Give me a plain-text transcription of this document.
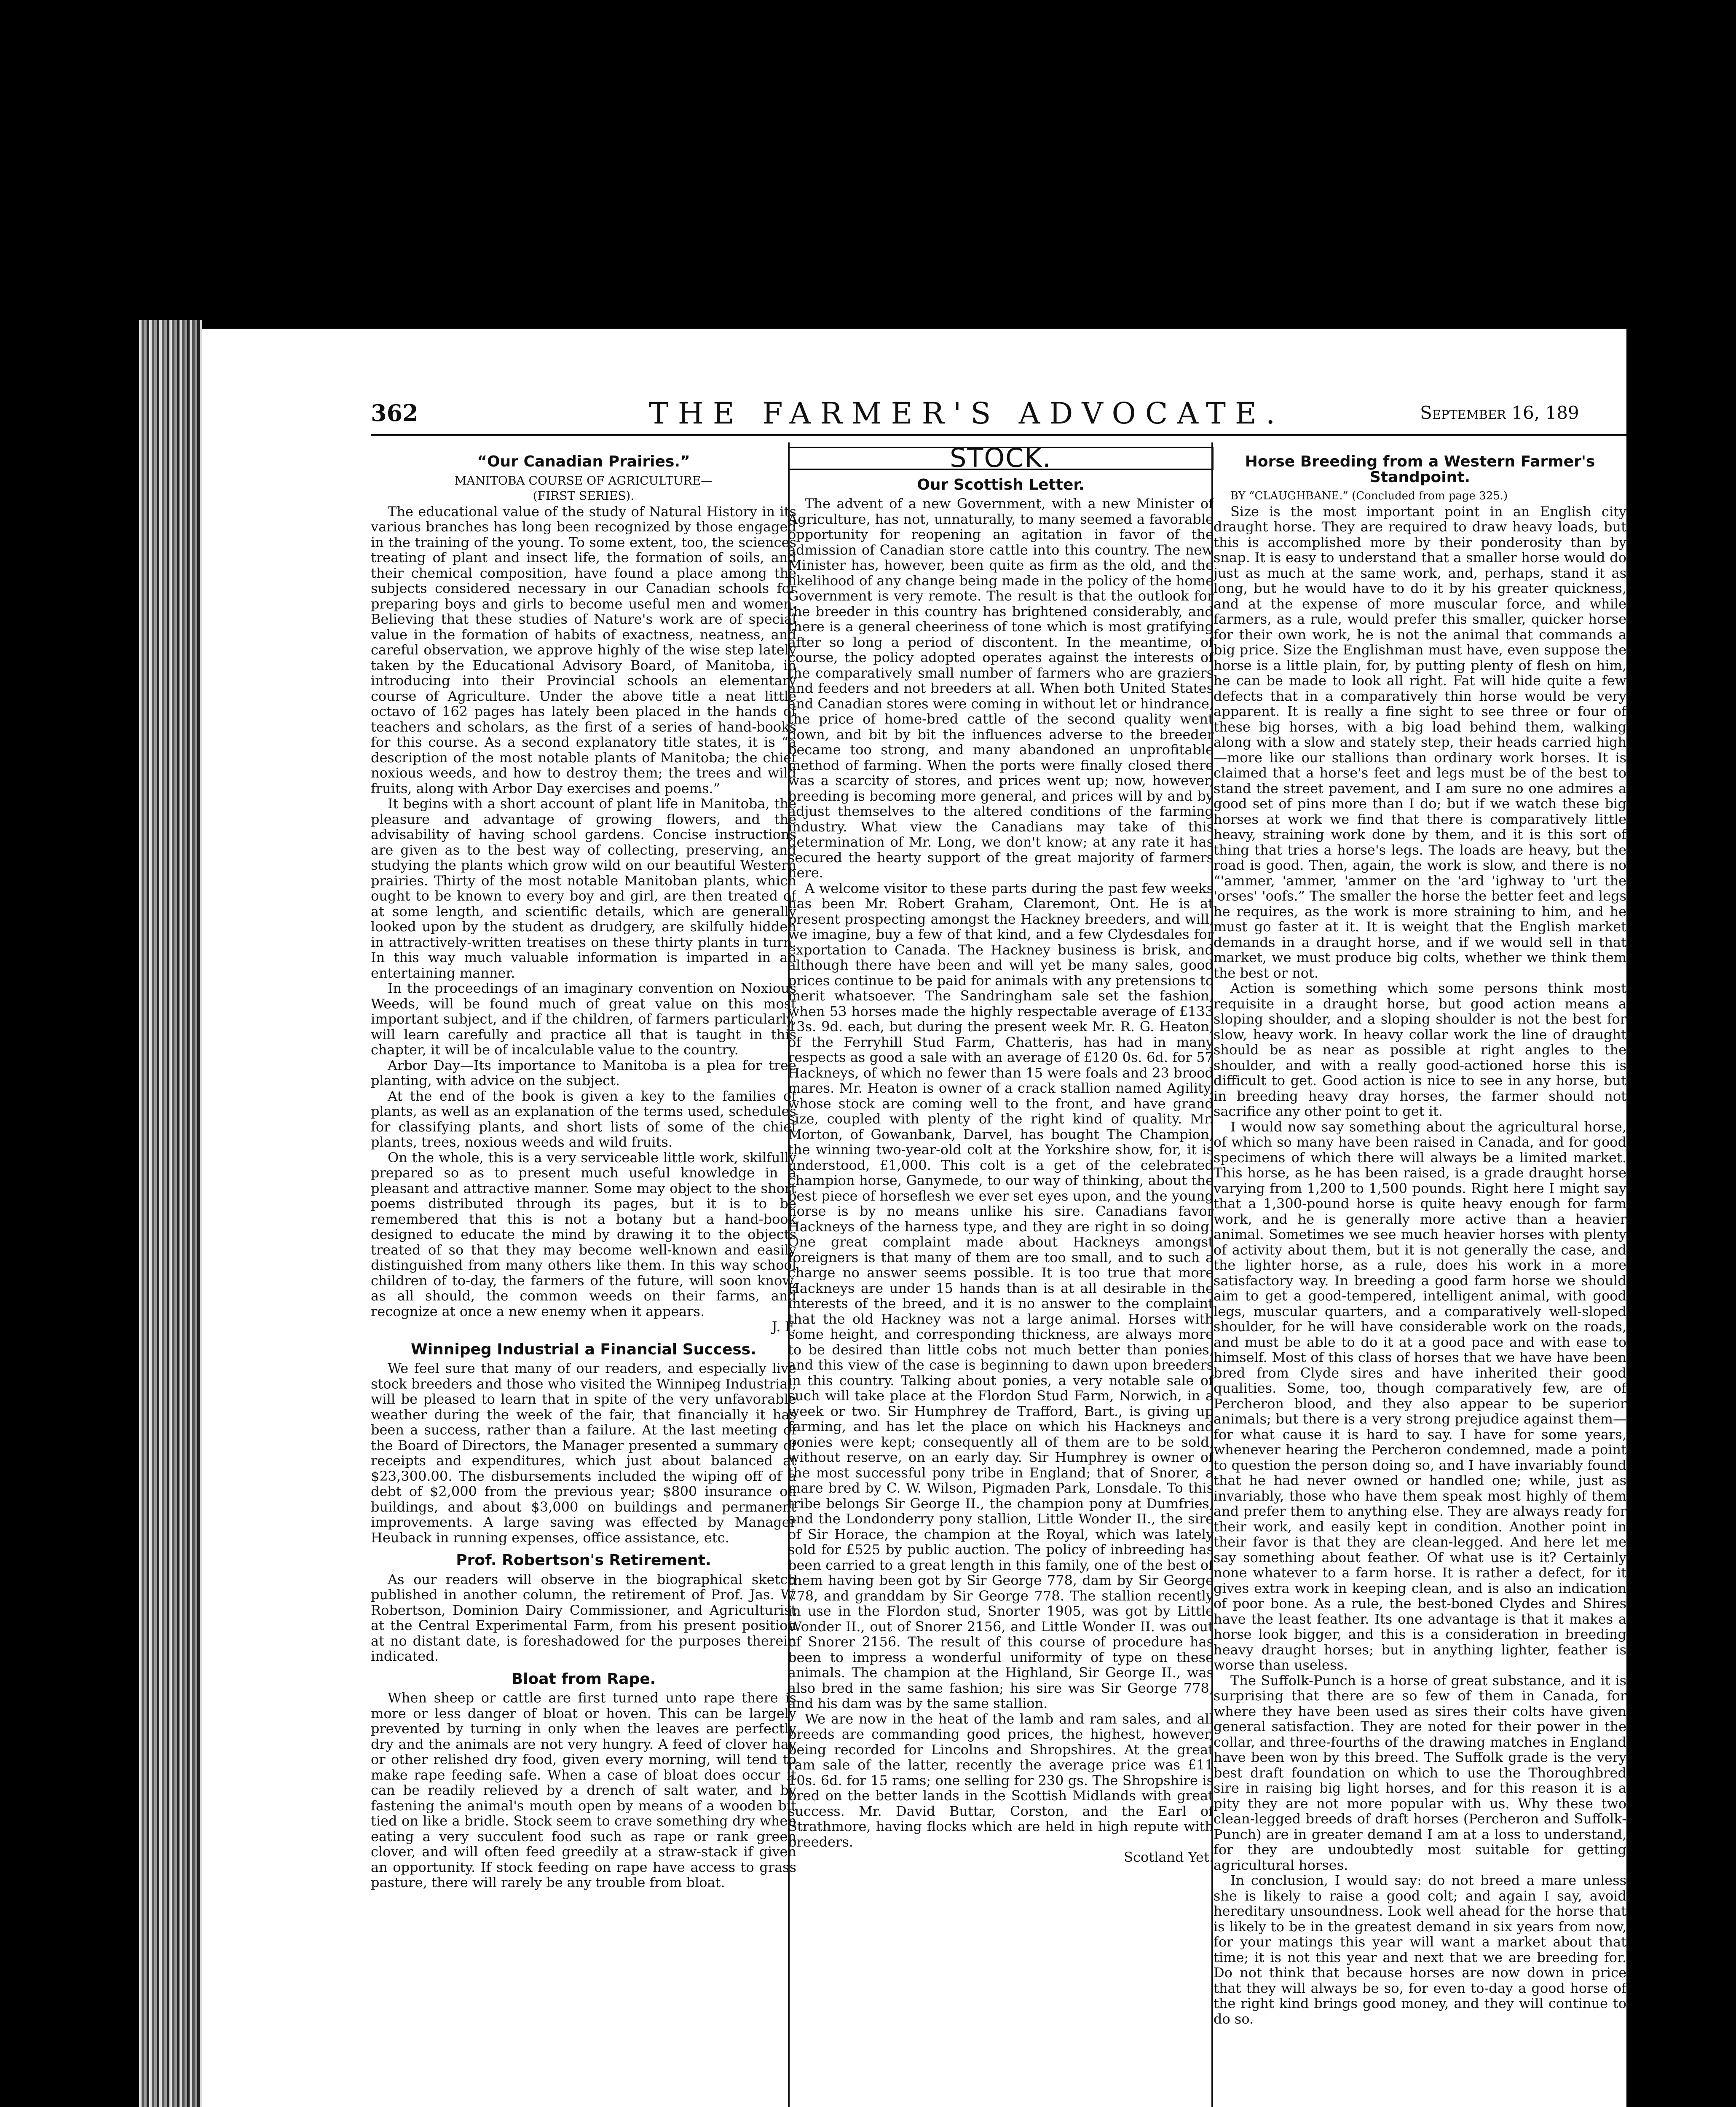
362	THE FARMER'S ADVOCATE.	September 16, 189

“Our Canadian Prairies.”

MANITOBA COURSE OF AGRICULTURE—

(FIRST SERIES).

The educational value of the study of Natural History in its various branches has long been recognized by those engaged in the training of the young. To some extent, too, the sciences treating of plant and insect life, the formation of soils, and their chemical composition, have found a place among the subjects considered necessary in our Canadian schools for preparing boys and girls to become useful men and women. Believing that these studies of Nature's work are of special value in the formation of habits of exactness, neatness, and careful observation, we approve highly of the wise step lately taken by the Educational Advisory Board, of Manitoba, in introducing into their Provincial schools an elementary course of Agriculture. Under the above title a neat little octavo of 162 pages has lately been placed in the hands of teachers and scholars, as the first of a series of hand-books for this course. As a second explanatory title states, it is “a description of the most notable plants of Manitoba; the chief noxious weeds, and how to destroy them; the trees and wild fruits, along with Arbor Day exercises and poems.”

It begins with a short account of plant life in Manitoba, the pleasure and advantage of growing flowers, and the advisability of having school gardens. Concise instructions are given as to the best way of collecting, preserving, and studying the plants which grow wild on our beautiful Western prairies. Thirty of the most notable Manitoban plants, which ought to be known to every boy and girl, are then treated of at some length, and scientific details, which are generally looked upon by the student as drudgery, are skilfully hidden in attractively-written treatises on these thirty plants in turn. In this way much valuable information is imparted in an entertaining manner.

In the proceedings of an imaginary convention on Noxious Weeds, will be found much of great value on this most important subject, and if the children, of farmers particularly, will learn carefully and practice all that is taught in this chapter, it will be of incalculable value to the country.

Arbor Day—Its importance to Manitoba is a plea for tree planting, with advice on the subject.

At the end of the book is given a key to the families of plants, as well as an explanation of the terms used, schedules for classifying plants, and short lists of some of the chief plants, trees, noxious weeds and wild fruits.

On the whole, this is a very serviceable little work, skilfully prepared so as to present much useful knowledge in a pleasant and attractive manner. Some may object to the short poems distributed through its pages, but it is to be remembered that this is not a botany but a hand-book designed to educate the mind by drawing it to the objects treated of so that they may become well-known and easily distinguished from many others like them. In this way school children of to-day, the farmers of the future, will soon know, as all should, the common weeds on their farms, and recognize at once a new enemy when it appears.

J. F.

Winnipeg Industrial a Financial Success.

We feel sure that many of our readers, and especially live stock breeders and those who visited the Winnipeg Industrial, will be pleased to learn that in spite of the very unfavorable weather during the week of the fair, that financially it has been a success, rather than a failure. At the last meeting of the Board of Directors, the Manager presented a summary of receipts and expenditures, which just about balanced at $23,300.00. The disbursements included the wiping off of a debt of $2,000 from the previous year; $800 insurance on buildings, and about $3,000 on buildings and permanent improvements. A large saving was effected by Manager Heuback in running expenses, office assistance, etc.

Prof. Robertson's Retirement.

As our readers will observe in the biographical sketch published in another column, the retirement of Prof. Jas. W. Robertson, Dominion Dairy Commissioner, and Agriculturist at the Central Experimental Farm, from his present position at no distant date, is foreshadowed for the purposes therein indicated.

Bloat from Rape.

When sheep or cattle are first turned unto rape there is more or less danger of bloat or hoven. This can be largely prevented by turning in only when the leaves are perfectly dry and the animals are not very hungry. A feed of clover hay or other relished dry food, given every morning, will tend to make rape feeding safe. When a case of bloat does occur it can be readily relieved by a drench of salt water, and by fastening the animal's mouth open by means of a wooden bit tied on like a bridle. Stock seem to crave something dry when eating a very succulent food such as rape or rank green clover, and will often feed greedily at a straw-stack if given an opportunity. If stock feeding on rape have access to grass pasture, there will rarely be any trouble from bloat.

STOCK.

Our Scottish Letter.

The advent of a new Government, with a new Minister of Agriculture, has not, unnaturally, to many seemed a favorable opportunity for reopening an agitation in favor of the admission of Canadian store cattle into this country. The new Minister has, however, been quite as firm as the old, and the likelihood of any change being made in the policy of the home Government is very remote. The result is that the outlook for the breeder in this country has brightened considerably, and there is a general cheeriness of tone which is most gratifying after so long a period of discontent. In the meantime, of course, the policy adopted operates against the interests of the comparatively small number of farmers who are graziers and feeders and not breeders at all. When both United States and Canadian stores were coming in without let or hindrance, the price of home-bred cattle of the second quality went down, and bit by bit the influences adverse to the breeder became too strong, and many abandoned an unprofitable method of farming. When the ports were finally closed there was a scarcity of stores, and prices went up; now, however, breeding is becoming more general, and prices will by and by adjust themselves to the altered conditions of the farming industry. What view the Canadians may take of this determination of Mr. Long, we don't know; at any rate it has secured the hearty support of the great majority of farmers here.

A welcome visitor to these parts during the past few weeks has been Mr. Robert Graham, Claremont, Ont. He is at present prospecting amongst the Hackney breeders, and will, we imagine, buy a few of that kind, and a few Clydesdales for exportation to Canada. The Hackney business is brisk, and although there have been and will yet be many sales, good prices continue to be paid for animals with any pretensions to merit whatsoever. The Sandringham sale set the fashion, when 53 horses made the highly respectable average of £133 13s. 9d. each, but during the present week Mr. R. G. Heaton, of the Ferryhill Stud Farm, Chatteris, has had in many respects as good a sale with an average of £120 0s. 6d. for 57 Hackneys, of which no fewer than 15 were foals and 23 brood mares. Mr. Heaton is owner of a crack stallion named Agility, whose stock are coming well to the front, and have grand size, coupled with plenty of the right kind of quality. Mr. Morton, of Gowanbank, Darvel, has bought The Champion, the winning two-year-old colt at the Yorkshire show, for, it is understood, £1,000. This colt is a get of the celebrated champion horse, Ganymede, to our way of thinking, about the best piece of horseflesh we ever set eyes upon, and the young horse is by no means unlike his sire. Canadians favor Hackneys of the harness type, and they are right in so doing. One great complaint made about Hackneys amongst foreigners is that many of them are too small, and to such a charge no answer seems possible. It is too true that more Hackneys are under 15 hands than is at all desirable in the interests of the breed, and it is no answer to the complaint that the old Hackney was not a large animal. Horses with some height, and corresponding thickness, are always more to be desired than little cobs not much better than ponies, and this view of the case is beginning to dawn upon breeders in this country. Talking about ponies, a very notable sale of such will take place at the Flordon Stud Farm, Norwich, in a week or two. Sir Humphrey de Trafford, Bart., is giving up farming, and has let the place on which his Hackneys and ponies were kept; consequently all of them are to be sold, without reserve, on an early day. Sir Humphrey is owner of the most successful pony tribe in England; that of Snorer, a mare bred by C. W. Wilson, Pigmaden Park, Lonsdale. To this tribe belongs Sir George II., the champion pony at Dumfries, and the Londonderry pony stallion, Little Wonder II., the sire of Sir Horace, the champion at the Royal, which was lately sold for £525 by public auction. The policy of inbreeding has been carried to a great length in this family, one of the best of them having been got by Sir George 778, dam by Sir George 778, and granddam by Sir George 778. The stallion recently in use in the Flordon stud, Snorter 1905, was got by Little Wonder II., out of Snorer 2156, and Little Wonder II. was out of Snorer 2156. The result of this course of procedure has been to impress a wonderful uniformity of type on these animals. The champion at the Highland, Sir George II., was also bred in the same fashion; his sire was Sir George 778, and his dam was by the same stallion.

We are now in the heat of the lamb and ram sales, and all breeds are commanding good prices, the highest, however, being recorded for Lincolns and Shropshires. At the great ram sale of the latter, recently the average price was £11 10s. 6d. for 15 rams; one selling for 230 gs. The Shropshire is bred on the better lands in the Scottish Midlands with great success. Mr. David Buttar, Corston, and the Earl of Strathmore, having flocks which are held in high repute with breeders.

Scotland Yet.

Horse Breeding from a Western Farmer's Standpoint.

BY “CLAUGHBANE.” (Concluded from page 325.)

Size is the most important point in an English city draught horse. They are required to draw heavy loads, but this is accomplished more by their ponderosity than by snap. It is easy to understand that a smaller horse would do just as much at the same work, and, perhaps, stand it as long, but he would have to do it by his greater quickness, and at the expense of more muscular force, and while farmers, as a rule, would prefer this smaller, quicker horse for their own work, he is not the animal that commands a big price. Size the Englishman must have, even suppose the horse is a little plain, for, by putting plenty of flesh on him, he can be made to look all right. Fat will hide quite a few defects that in a comparatively thin horse would be very apparent. It is really a fine sight to see three or four of these big horses, with a big load behind them, walking along with a slow and stately step, their heads carried high—more like our stallions than ordinary work horses. It is claimed that a horse's feet and legs must be of the best to stand the street pavement, and I am sure no one admires a good set of pins more than I do; but if we watch these big horses at work we find that there is comparatively little heavy, straining work done by them, and it is this sort of thing that tries a horse's legs. The loads are heavy, but the road is good. Then, again, the work is slow, and there is no “'ammer, 'ammer, 'ammer on the 'ard 'ighway to 'urt the 'orses' 'oofs.” The smaller the horse the better feet and legs he requires, as the work is more straining to him, and he must go faster at it. It is weight that the English market demands in a draught horse, and if we would sell in that market, we must produce big colts, whether we think them the best or not.

Action is something which some persons think most requisite in a draught horse, but good action means a sloping shoulder, and a sloping shoulder is not the best for slow, heavy work. In heavy collar work the line of draught should be as near as possible at right angles to the shoulder, and with a really good-actioned horse this is difficult to get. Good action is nice to see in any horse, but in breeding heavy dray horses, the farmer should not sacrifice any other point to get it.

I would now say something about the agricultural horse, of which so many have been raised in Canada, and for good specimens of which there will always be a limited market. This horse, as he has been raised, is a grade draught horse varying from 1,200 to 1,500 pounds. Right here I might say that a 1,300-pound horse is quite heavy enough for farm work, and he is generally more active than a heavier animal. Sometimes we see much heavier horses with plenty of activity about them, but it is not generally the case, and the lighter horse, as a rule, does his work in a more satisfactory way. In breeding a good farm horse we should aim to get a good-tempered, intelligent animal, with good legs, muscular quarters, and a comparatively well-sloped shoulder, for he will have considerable work on the roads, and must be able to do it at a good pace and with ease to himself. Most of this class of horses that we have have been bred from Clyde sires and have inherited their good qualities. Some, too, though comparatively few, are of Percheron blood, and they also appear to be superior animals; but there is a very strong prejudice against them—for what cause it is hard to say. I have for some years, whenever hearing the Percheron condemned, made a point to question the person doing so, and I have invariably found that he had never owned or handled one; while, just as invariably, those who have them speak most highly of them and prefer them to anything else. They are always ready for their work, and easily kept in condition. Another point in their favor is that they are clean-legged. And here let me say something about feather. Of what use is it? Certainly none whatever to a farm horse. It is rather a defect, for it gives extra work in keeping clean, and is also an indication of poor bone. As a rule, the best-boned Clydes and Shires have the least feather. Its one advantage is that it makes a horse look bigger, and this is a consideration in breeding heavy draught horses; but in anything lighter, feather is worse than useless.

The Suffolk-Punch is a horse of great substance, and it is surprising that there are so few of them in Canada, for where they have been used as sires their colts have given general satisfaction. They are noted for their power in the collar, and three-fourths of the drawing matches in England have been won by this breed. The Suffolk grade is the very best draft foundation on which to use the Thoroughbred sire in raising big light horses, and for this reason it is a pity they are not more popular with us. Why these two clean-legged breeds of draft horses (Percheron and Suffolk-Punch) are in greater demand I am at a loss to understand, for they are undoubtedly most suitable for getting agricultural horses.

In conclusion, I would say: do not breed a mare unless she is likely to raise a good colt; and again I say, avoid hereditary unsoundness. Look well ahead for the horse that is likely to be in the greatest demand in six years from now, for your matings this year will want a market about that time; it is not this year and next that we are breeding for. Do not think that because horses are now down in price that they will always be so, for even to-day a good horse of the right kind brings good money, and they will continue to do so.
